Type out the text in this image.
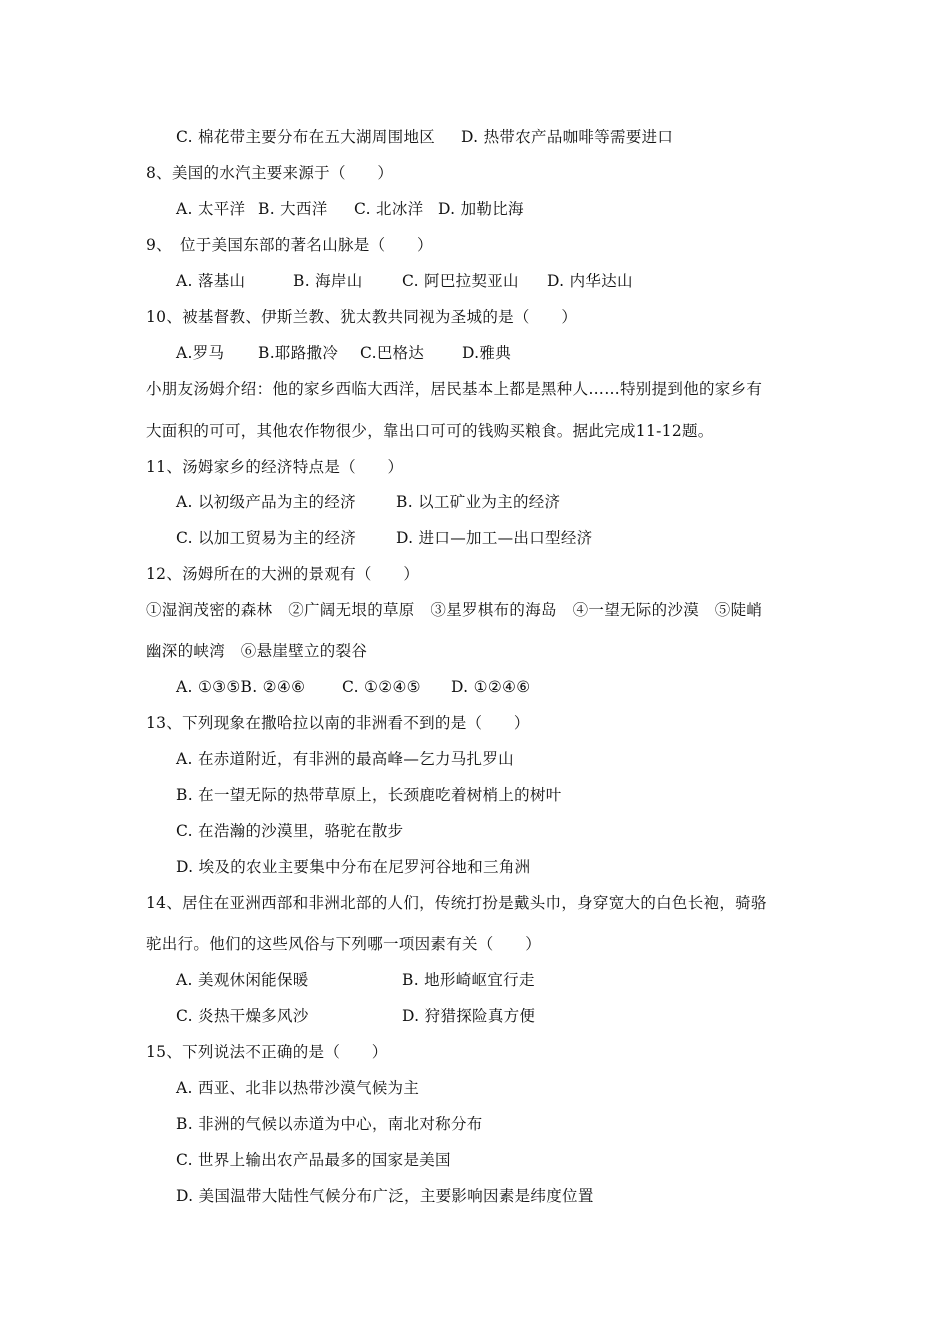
C. 棉花带主要分布在五大湖周围地区 D. 热带农产品咖啡等需要进口
8、美国的水汽主要来源于（　　）
A. 太平洋 B. 大西洋 C. 北冰洋 D. 加勒比海
9、　位于美国东部的著名山脉是（　　）
A. 落基山	B. 海岸山	C. 阿巴拉契亚山 D. 内华达山
10、被基督教、伊斯兰教、犹太教共同视为圣城的是（　　）
A.罗马 B.耶路撒冷 C.巴格达 D.雅典
小朋友汤姆介绍：他的家乡西临大西洋，居民基本上都是黑种人……特别提到他的家乡有
大面积的可可，其他农作物很少，靠出口可可的钱购买粮食。据此完成11-12题。
11、汤姆家乡的经济特点是（　　）
A. 以初级产品为主的经济	B. 以工矿业为主的经济
C. 以加工贸易为主的经济	D. 进口—加工—出口型经济
12、汤姆所在的大洲的景观有（　　）
①湿润茂密的森林　②广阔无垠的草原　③星罗棋布的海岛　④一望无际的沙漠　⑤陡峭
幽深的峡湾　⑥悬崖壁立的裂谷
A. ①③⑤B. ②④⑥ C. ①②④⑤ D. ①②④⑥
13、下列现象在撒哈拉以南的非洲看不到的是（　　）
A. 在赤道附近，有非洲的最高峰—乞力马扎罗山
B. 在一望无际的热带草原上，长颈鹿吃着树梢上的树叶
C. 在浩瀚的沙漠里，骆驼在散步
D. 埃及的农业主要集中分布在尼罗河谷地和三角洲
14、居住在亚洲西部和非洲北部的人们，传统打扮是戴头巾，身穿宽大的白色长袍，骑骆
驼出行。他们的这些风俗与下列哪一项因素有关（　　）
A. 美观休闲能保暖	B. 地形崎岖宜行走
C. 炎热干燥多风沙	D. 狩猎探险真方便
15、下列说法不正确的是（　　）
A. 西亚、北非以热带沙漠气候为主
B. 非洲的气候以赤道为中心，南北对称分布
C. 世界上输出农产品最多的国家是美国
D. 美国温带大陆性气候分布广泛，主要影响因素是纬度位置
